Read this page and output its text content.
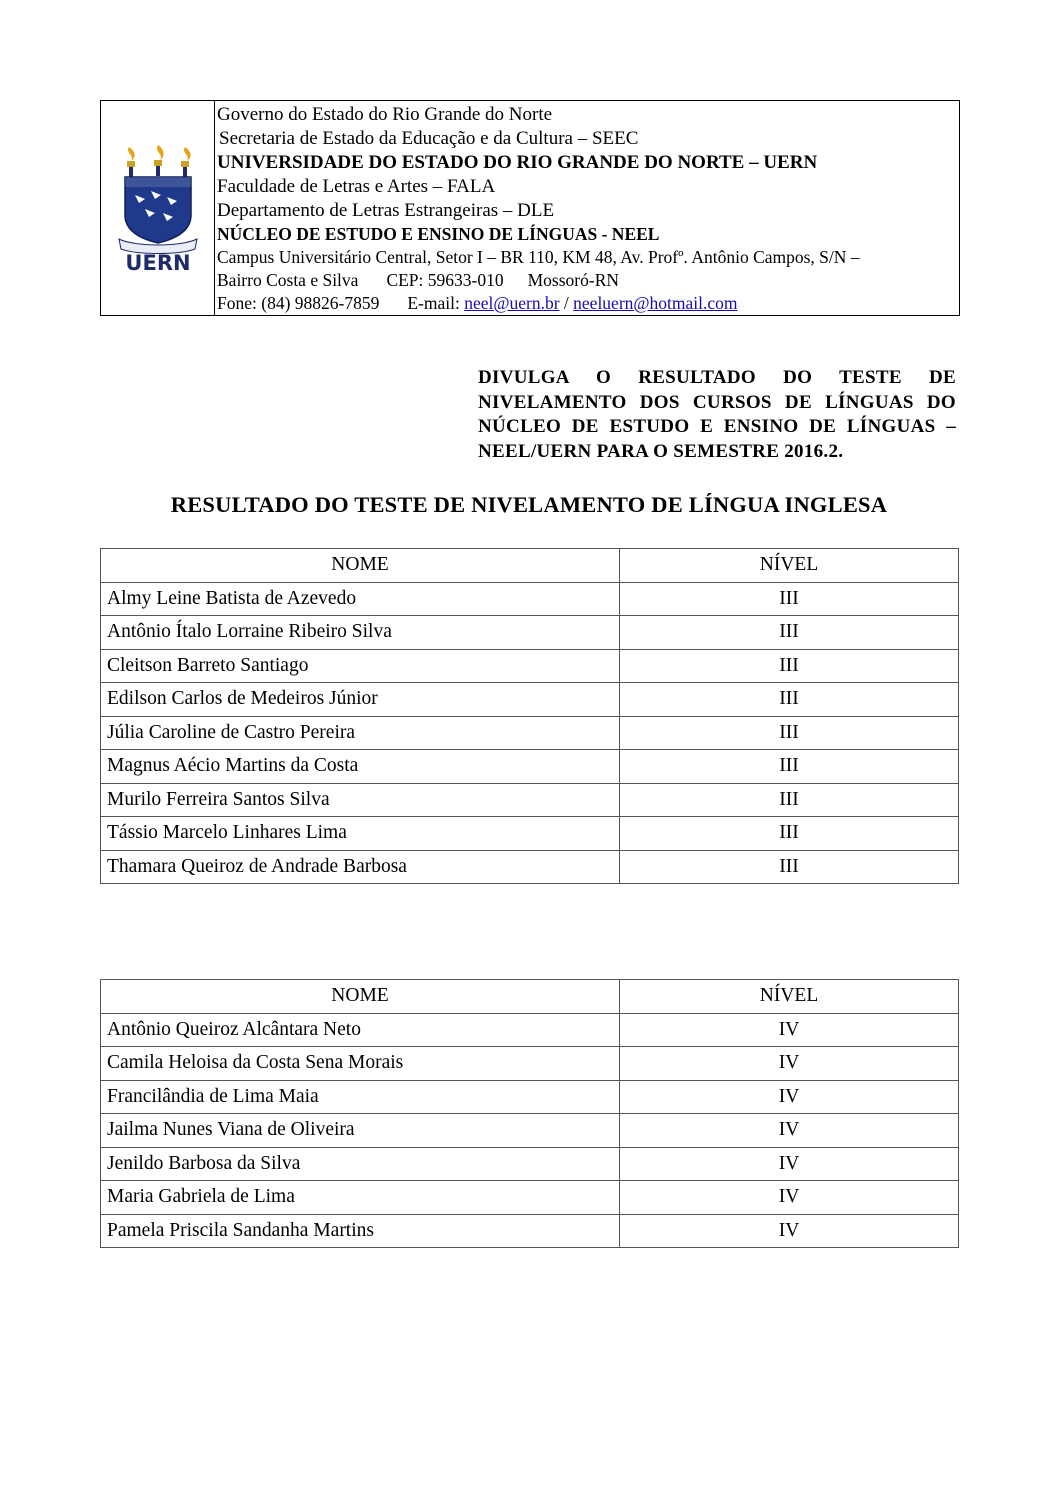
UERN
Governo do Estado do Rio Grande do Norte
Secretaria de Estado da Educação e da Cultura – SEEC
UNIVERSIDADE DO ESTADO DO RIO GRANDE DO NORTE – UERN
Faculdade de Letras e Artes – FALA
Departamento de Letras Estrangeiras – DLE
NÚCLEO DE ESTUDO E ENSINO DE LÍNGUAS - NEEL
Campus Universitário Central, Setor I – BR 110, KM 48, Av. Profº. Antônio Campos, S/N –
Bairro Costa e Silva CEP: 59633-010 Mossoró-RN
Fone: (84) 98826-7859 E-mail: neel@uern.br / neeluern@hotmail.com
DIVULGA O RESULTADO DO TESTE DE NIVELAMENTO DOS CURSOS DE LÍNGUAS DO NÚCLEO DE ESTUDO E ENSINO DE LÍNGUAS – NEEL/UERN PARA O SEMESTRE 2016.2.
RESULTADO DO TESTE DE NIVELAMENTO DE LÍNGUA INGLESA
NOME	NÍVEL
Almy Leine Batista de Azevedo	III
Antônio Ítalo Lorraine Ribeiro Silva	III
Cleitson Barreto Santiago	III
Edilson Carlos de Medeiros Júnior	III
Júlia Caroline de Castro Pereira	III
Magnus Aécio Martins da Costa	III
Murilo Ferreira Santos Silva	III
Tássio Marcelo Linhares Lima	III
Thamara Queiroz de Andrade Barbosa	III
NOME	NÍVEL
Antônio Queiroz Alcântara Neto	IV
Camila Heloisa da Costa Sena Morais	IV
Francilândia de Lima Maia	IV
Jailma Nunes Viana de Oliveira	IV
Jenildo Barbosa da Silva	IV
Maria Gabriela de Lima	IV
Pamela Priscila Sandanha Martins	IV
